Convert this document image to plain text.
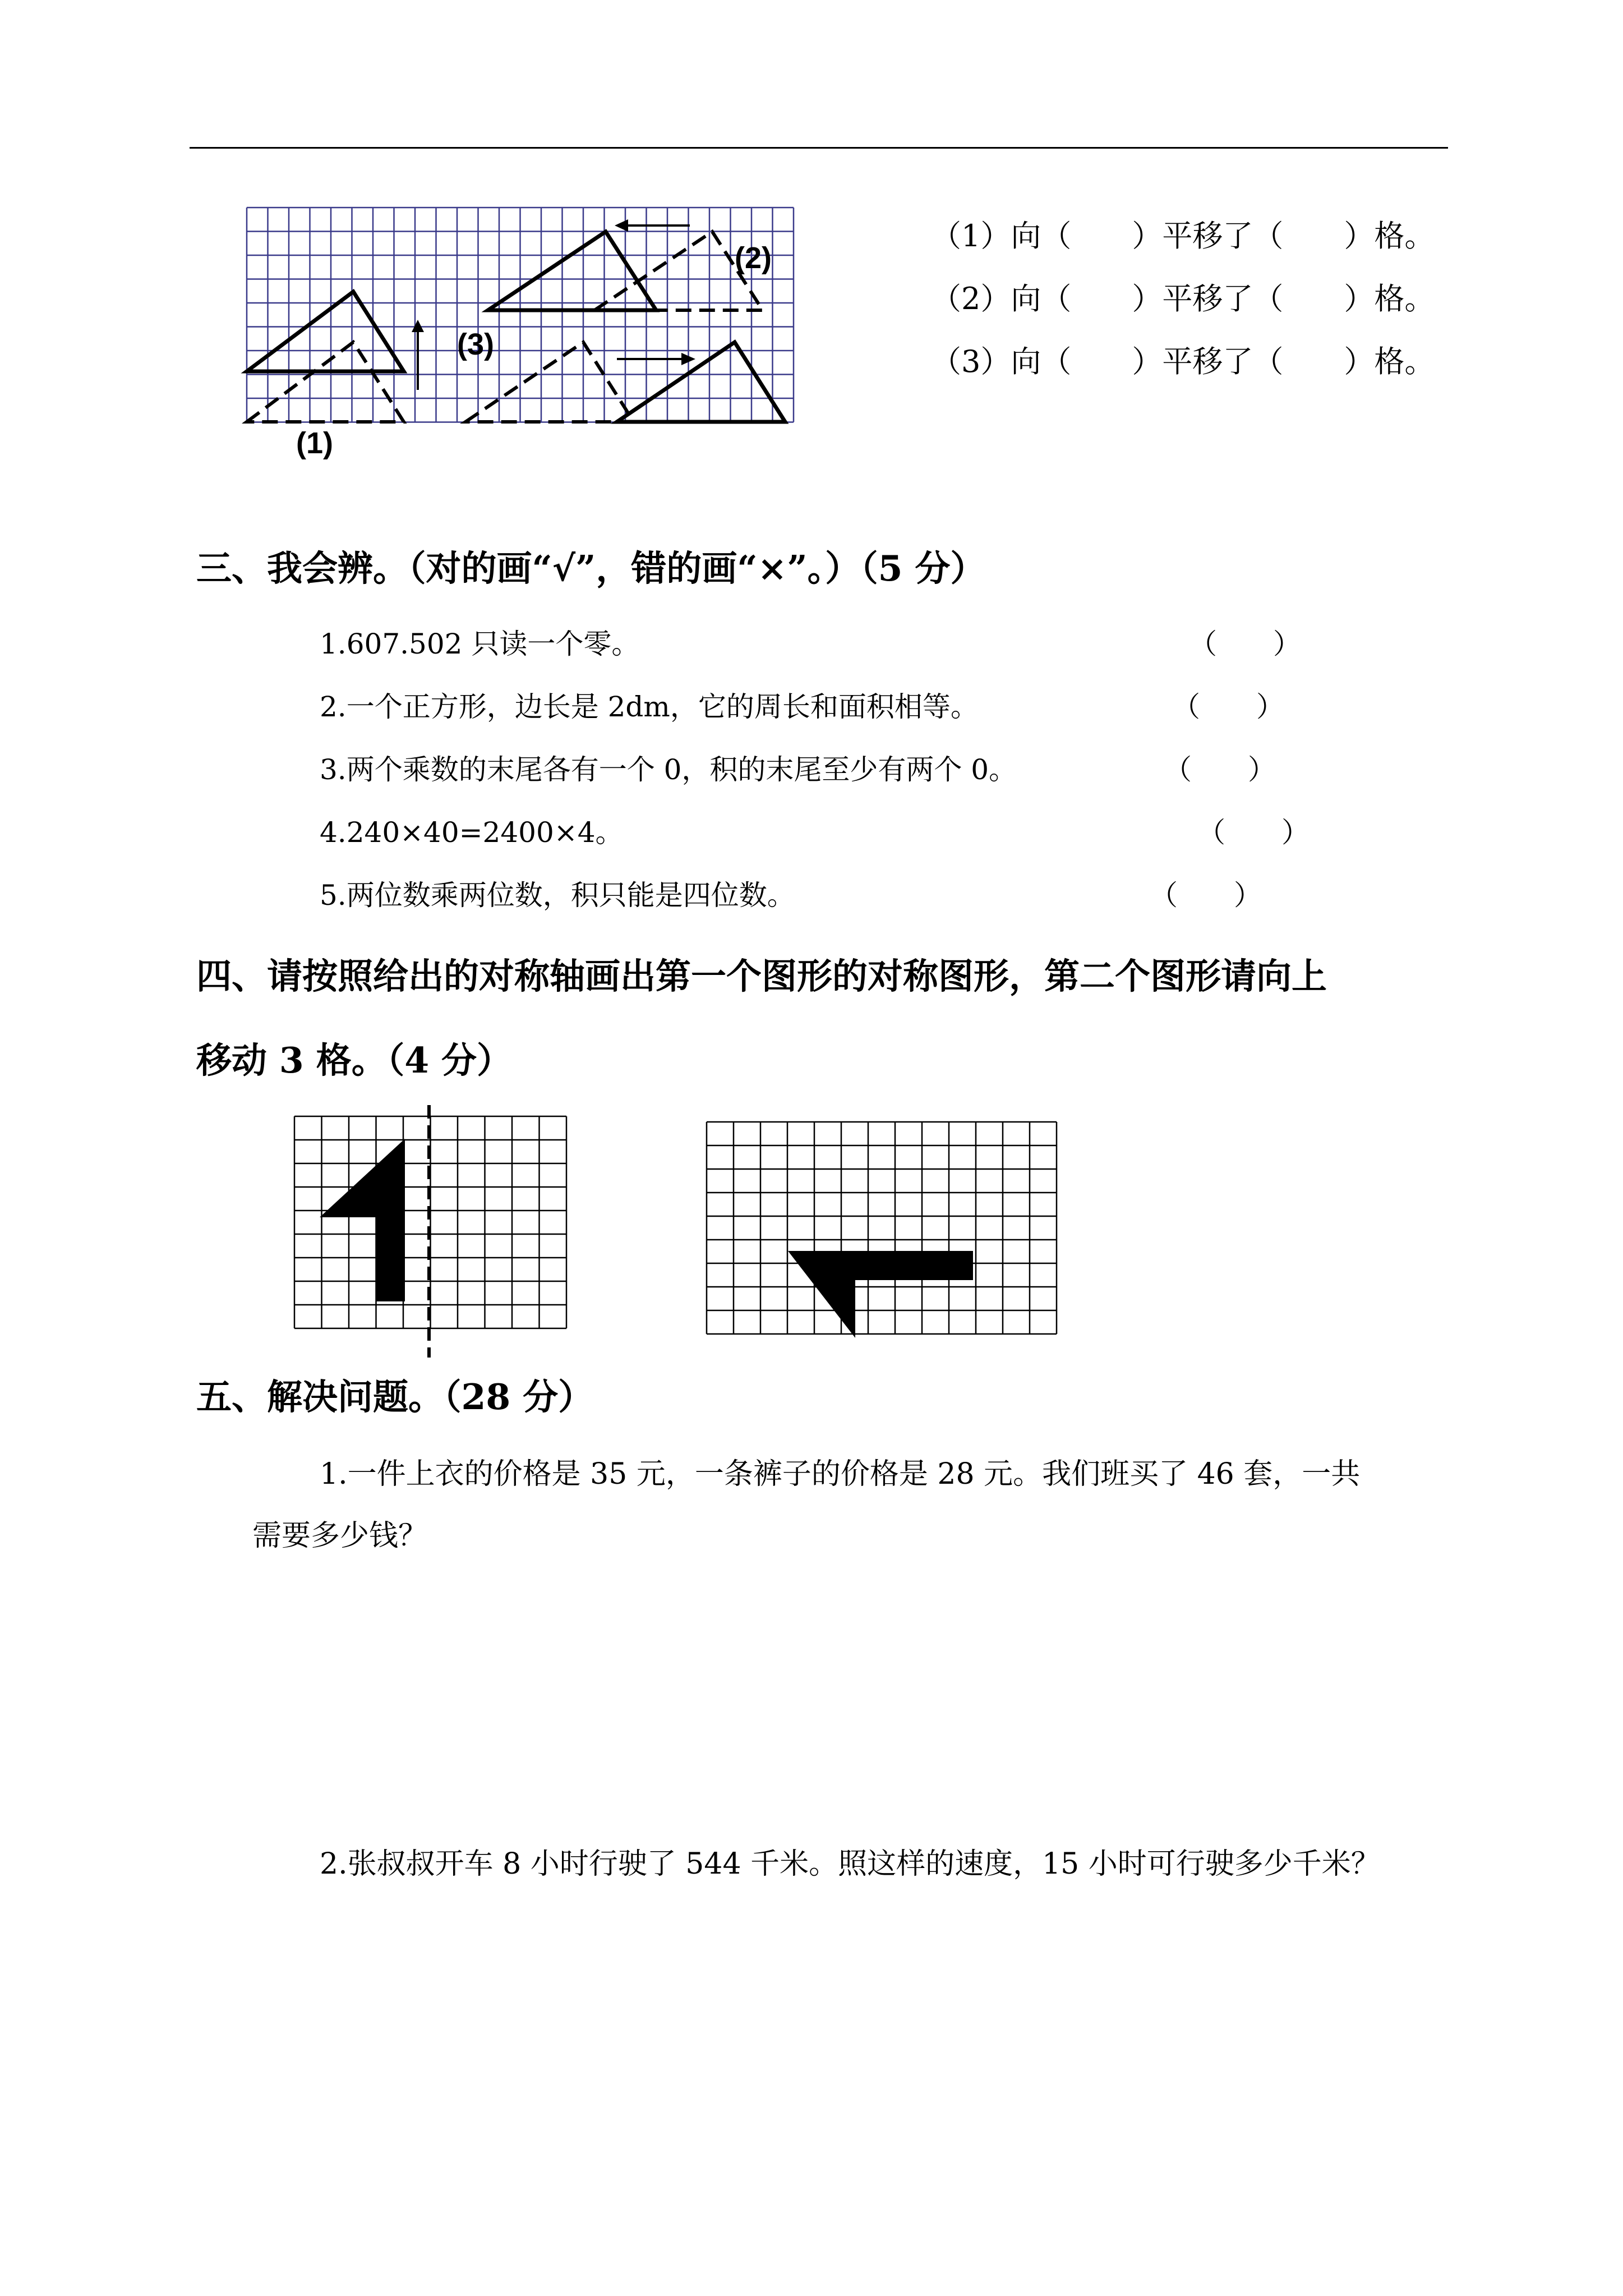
(1)
(2)
(3)
（1）向（　　）平移了（　　）格。
（2）向（　　）平移了（　　）格。
（3）向（　　）平移了（　　）格。
三、我会辨。（对的画“√”，错的画“×”。）（5 分）
1.607.502 只读一个零。	（　　）
2.一个正方形，边长是 2dm，它的周长和面积相等。	（　　）
3.两个乘数的末尾各有一个 0，积的末尾至少有两个 0。	（　　）
4.240×40=2400×4。	（　　）
5.两位数乘两位数，积只能是四位数。	（　　）
四、请按照给出的对称轴画出第一个图形的对称图形，第二个图形请向上
移动 3 格。（4 分）
五、解决问题。（28 分）
1.一件上衣的价格是 35 元，一条裤子的价格是 28 元。我们班买了 46 套，一共
需要多少钱？
2.张叔叔开车 8 小时行驶了 544 千米。照这样的速度，15 小时可行驶多少千米？
